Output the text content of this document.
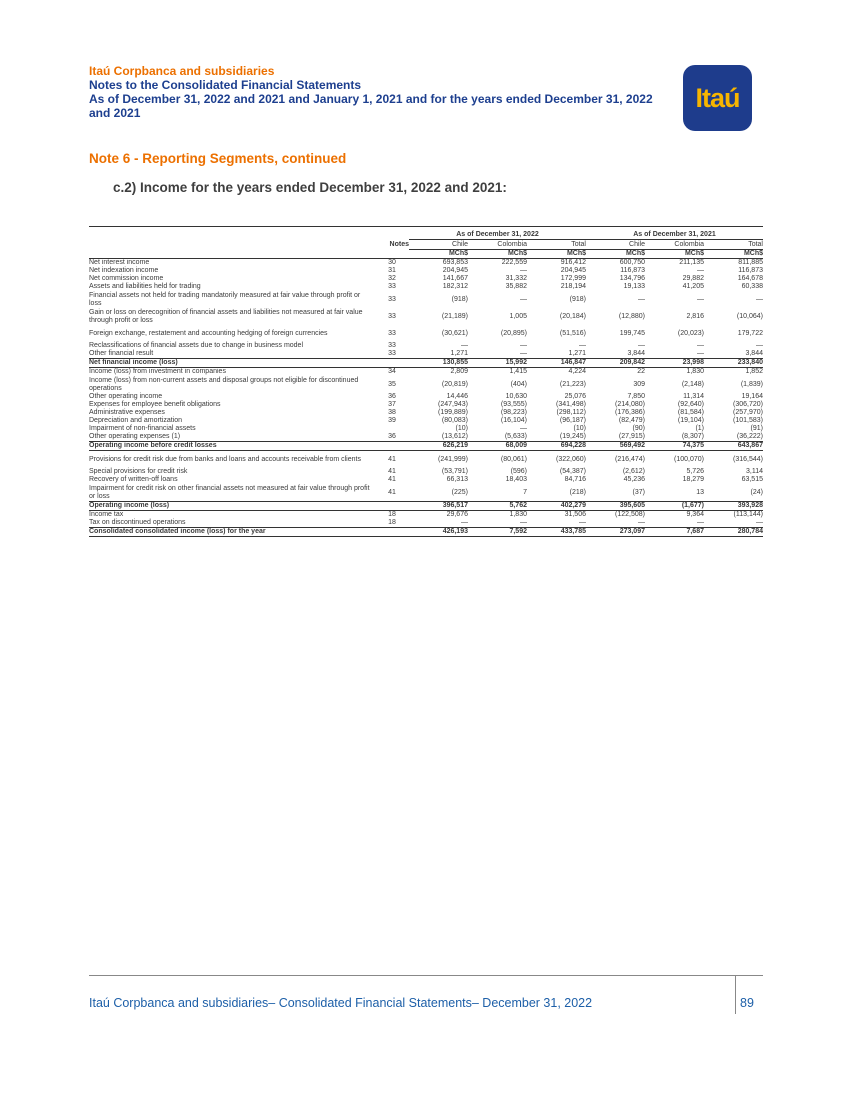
Itaú Corpbanca and subsidiaries
Notes to the Consolidated Financial Statements
As of December 31, 2022 and 2021 and January 1, 2021 and for the years ended December 31, 2022
and 2021	Itaú
Note 6 - Reporting Segments, continued
c.2) Income for the years ended December 31, 2022 and 2021:

		As of December 31, 2022			As of December 31, 2021		
	Notes	Chile	Colombia	Total	Chile	Colombia	Total
		MCh$	MCh$	MCh$	MCh$	MCh$	MCh$
Net interest income	30	693,853	222,559	916,412	600,750	211,135	811,885
Net indexation income	31	204,945	—	204,945	116,873	—	116,873
Net commission income	32	141,667	31,332	172,999	134,796	29,882	164,678
Assets and liabilities held for trading	33	182,312	35,882	218,194	19,133	41,205	60,338
Financial assets not held for trading mandatorily measured at fair value through profit or loss	33	(918)	—	(918)	—	—	—
Gain or loss on derecognition of financial assets and liabilities not measured at fair value through profit or loss	33	(21,189)	1,005	(20,184)	(12,880)	2,816	(10,064)
Foreign exchange, restatement and accounting hedging of foreign currencies	33	(30,621)	(20,895)	(51,516)	199,745	(20,023)	179,722
Reclassifications of financial assets due to change in business model	33	—	—	—	—	—	—
Other financial result	33	1,271	—	1,271	3,844	—	3,844
Net financial income (loss)		130,855	15,992	146,847	209,842	23,998	233,840
Income (loss) from investment in companies	34	2,809	1,415	4,224	22	1,830	1,852
Income (loss) from non-current assets and disposal groups not eligible for discontinued operations	35	(20,819)	(404)	(21,223)	309	(2,148)	(1,839)
Other operating income	36	14,446	10,630	25,076	7,850	11,314	19,164
Expenses for employee benefit obligations	37	(247,943)	(93,555)	(341,498)	(214,080)	(92,640)	(306,720)
Administrative expenses	38	(199,889)	(98,223)	(298,112)	(176,386)	(81,584)	(257,970)
Depreciation and amortization	39	(80,083)	(16,104)	(96,187)	(82,479)	(19,104)	(101,583)
Impairment of non-financial assets		(10)	—	(10)	(90)	(1)	(91)
Other operating expenses (1)	36	(13,612)	(5,633)	(19,245)	(27,915)	(8,307)	(36,222)
Operating income before credit losses		626,219	68,009	694,228	569,492	74,375	643,867
Provisions for credit risk due from banks and loans and accounts receivable from clients	41	(241,999)	(80,061)	(322,060)	(216,474)	(100,070)	(316,544)
Special provisions for credit risk	41	(53,791)	(596)	(54,387)	(2,612)	5,726	3,114
Recovery of written-off loans	41	66,313	18,403	84,716	45,236	18,279	63,515
Impairment for credit risk on other financial assets not measured at fair value through profit or loss	41	(225)	7	(218)	(37)	13	(24)
Operating income (loss)		396,517	5,762	402,279	395,605	(1,677)	393,928
Income tax	18	29,676	1,830	31,506	(122,508)	9,364	(113,144)
Tax on discontinued operations	18	—	—	—	—	—	—
Consolidated consolidated income (loss) for the year		426,193	7,592	433,785	273,097	7,687	280,784
Itaú Corpbanca and subsidiaries– Consolidated Financial Statements– December 31, 2022	89
